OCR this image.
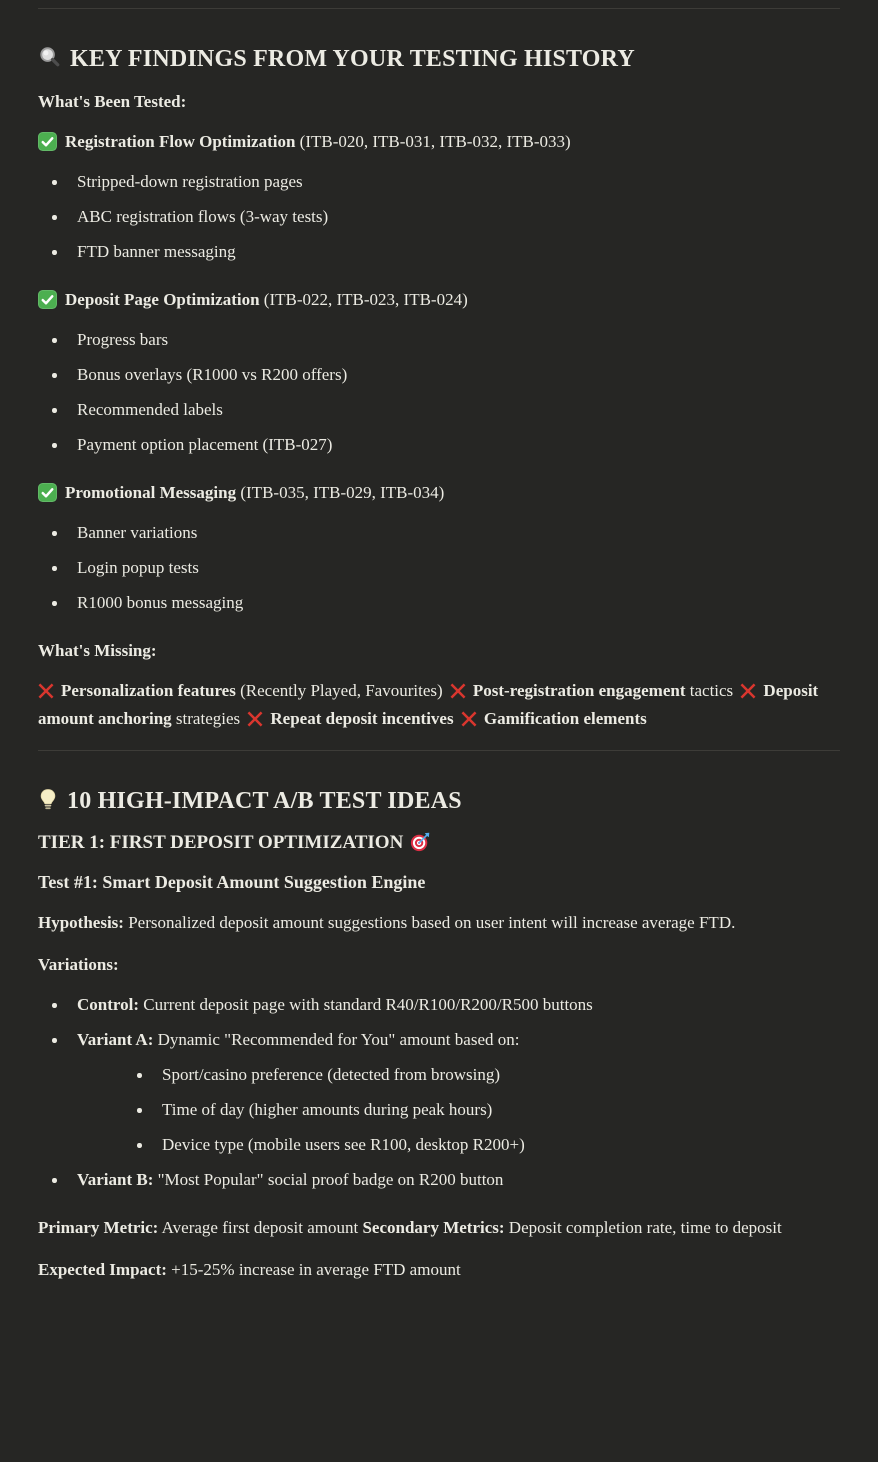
KEY FINDINGS FROM YOUR TESTING HISTORY

What's Been Tested:

Registration Flow Optimization (ITB-020, ITB-031, ITB-032, ITB-033)

Stripped-down registration pages
ABC registration flows (3-way tests)
FTD banner messaging

Deposit Page Optimization (ITB-022, ITB-023, ITB-024)

Progress bars
Bonus overlays (R1000 vs R200 offers)
Recommended labels
Payment option placement (ITB-027)

Promotional Messaging (ITB-035, ITB-029, ITB-034)

Banner variations
Login popup tests
R1000 bonus messaging

What's Missing:

Personalization features (Recently Played, Favourites) Post-registration engagement tactics Deposit amount anchoring strategies Repeat deposit incentives Gamification elements

10 HIGH-IMPACT A/B TEST IDEAS
TIER 1: FIRST DEPOSIT OPTIMIZATION
Test #1: Smart Deposit Amount Suggestion Engine

Hypothesis: Personalized deposit amount suggestions based on user intent will increase average FTD.

Variations:

Control: Current deposit page with standard R40/R100/R200/R500 buttons
Variant A: Dynamic "Recommended for You" amount based on:
Sport/casino preference (detected from browsing)
Time of day (higher amounts during peak hours)
Device type (mobile users see R100, desktop R200+)
Variant B: "Most Popular" social proof badge on R200 button

Primary Metric: Average first deposit amount Secondary Metrics: Deposit completion rate, time to deposit

Expected Impact: +15-25% increase in average FTD amount
